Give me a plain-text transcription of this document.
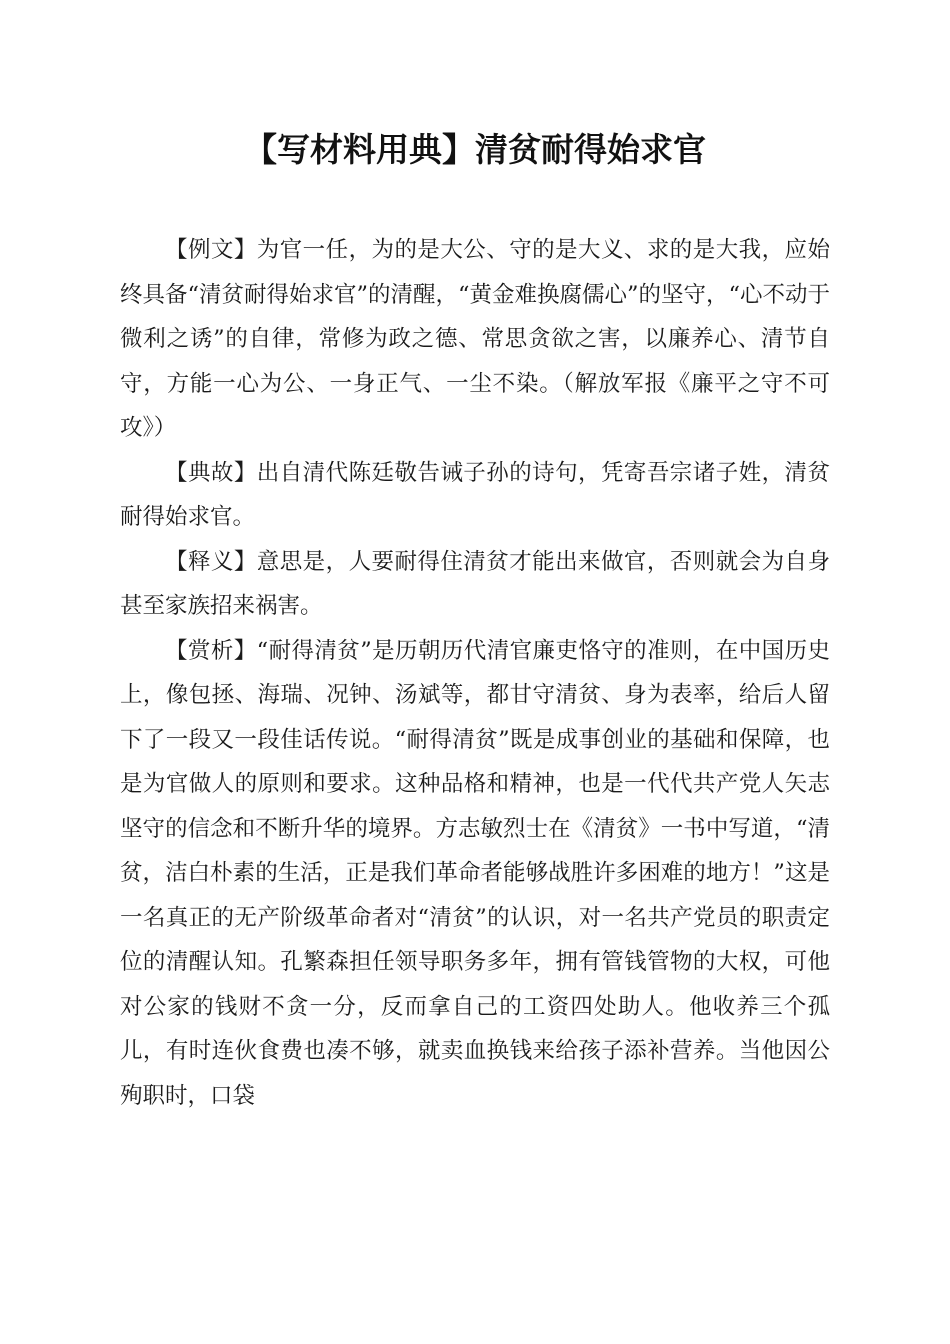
【写材料用典】清贫耐得始求官

【例文】为官一任，为的是大公、守的是大义、求的是大我，应始终具备“清贫耐得始求官”的清醒，“黄金难换腐儒心”的坚守，“心不动于微利之诱”的自律，常修为政之德、常思贪欲之害，以廉养心、清节自守，方能一心为公、一身正气、一尘不染。（解放军报《廉平之守不可攻》）

【典故】出自清代陈廷敬告诫子孙的诗句，凭寄吾宗诸子姓，清贫耐得始求官。

【释义】意思是，人要耐得住清贫才能出来做官，否则就会为自身甚至家族招来祸害。

【赏析】“耐得清贫”是历朝历代清官廉吏恪守的准则，在中国历史上，像包拯、海瑞、况钟、汤斌等，都甘守清贫、身为表率，给后人留下了一段又一段佳话传说。“耐得清贫”既是成事创业的基础和保障，也是为官做人的原则和要求。这种品格和精神，也是一代代共产党人矢志坚守的信念和不断升华的境界。方志敏烈士在《清贫》一书中写道，“清贫，洁白朴素的生活，正是我们革命者能够战胜许多困难的地方！”这是一名真正的无产阶级革命者对“清贫”的认识，对一名共产党员的职责定位的清醒认知。孔繁森担任领导职务多年，拥有管钱管物的大权，可他对公家的钱财不贪一分，反而拿自己的工资四处助人。他收养三个孤儿，有时连伙食费也凑不够，就卖血换钱来给孩子添补营养。当他因公殉职时，口袋
